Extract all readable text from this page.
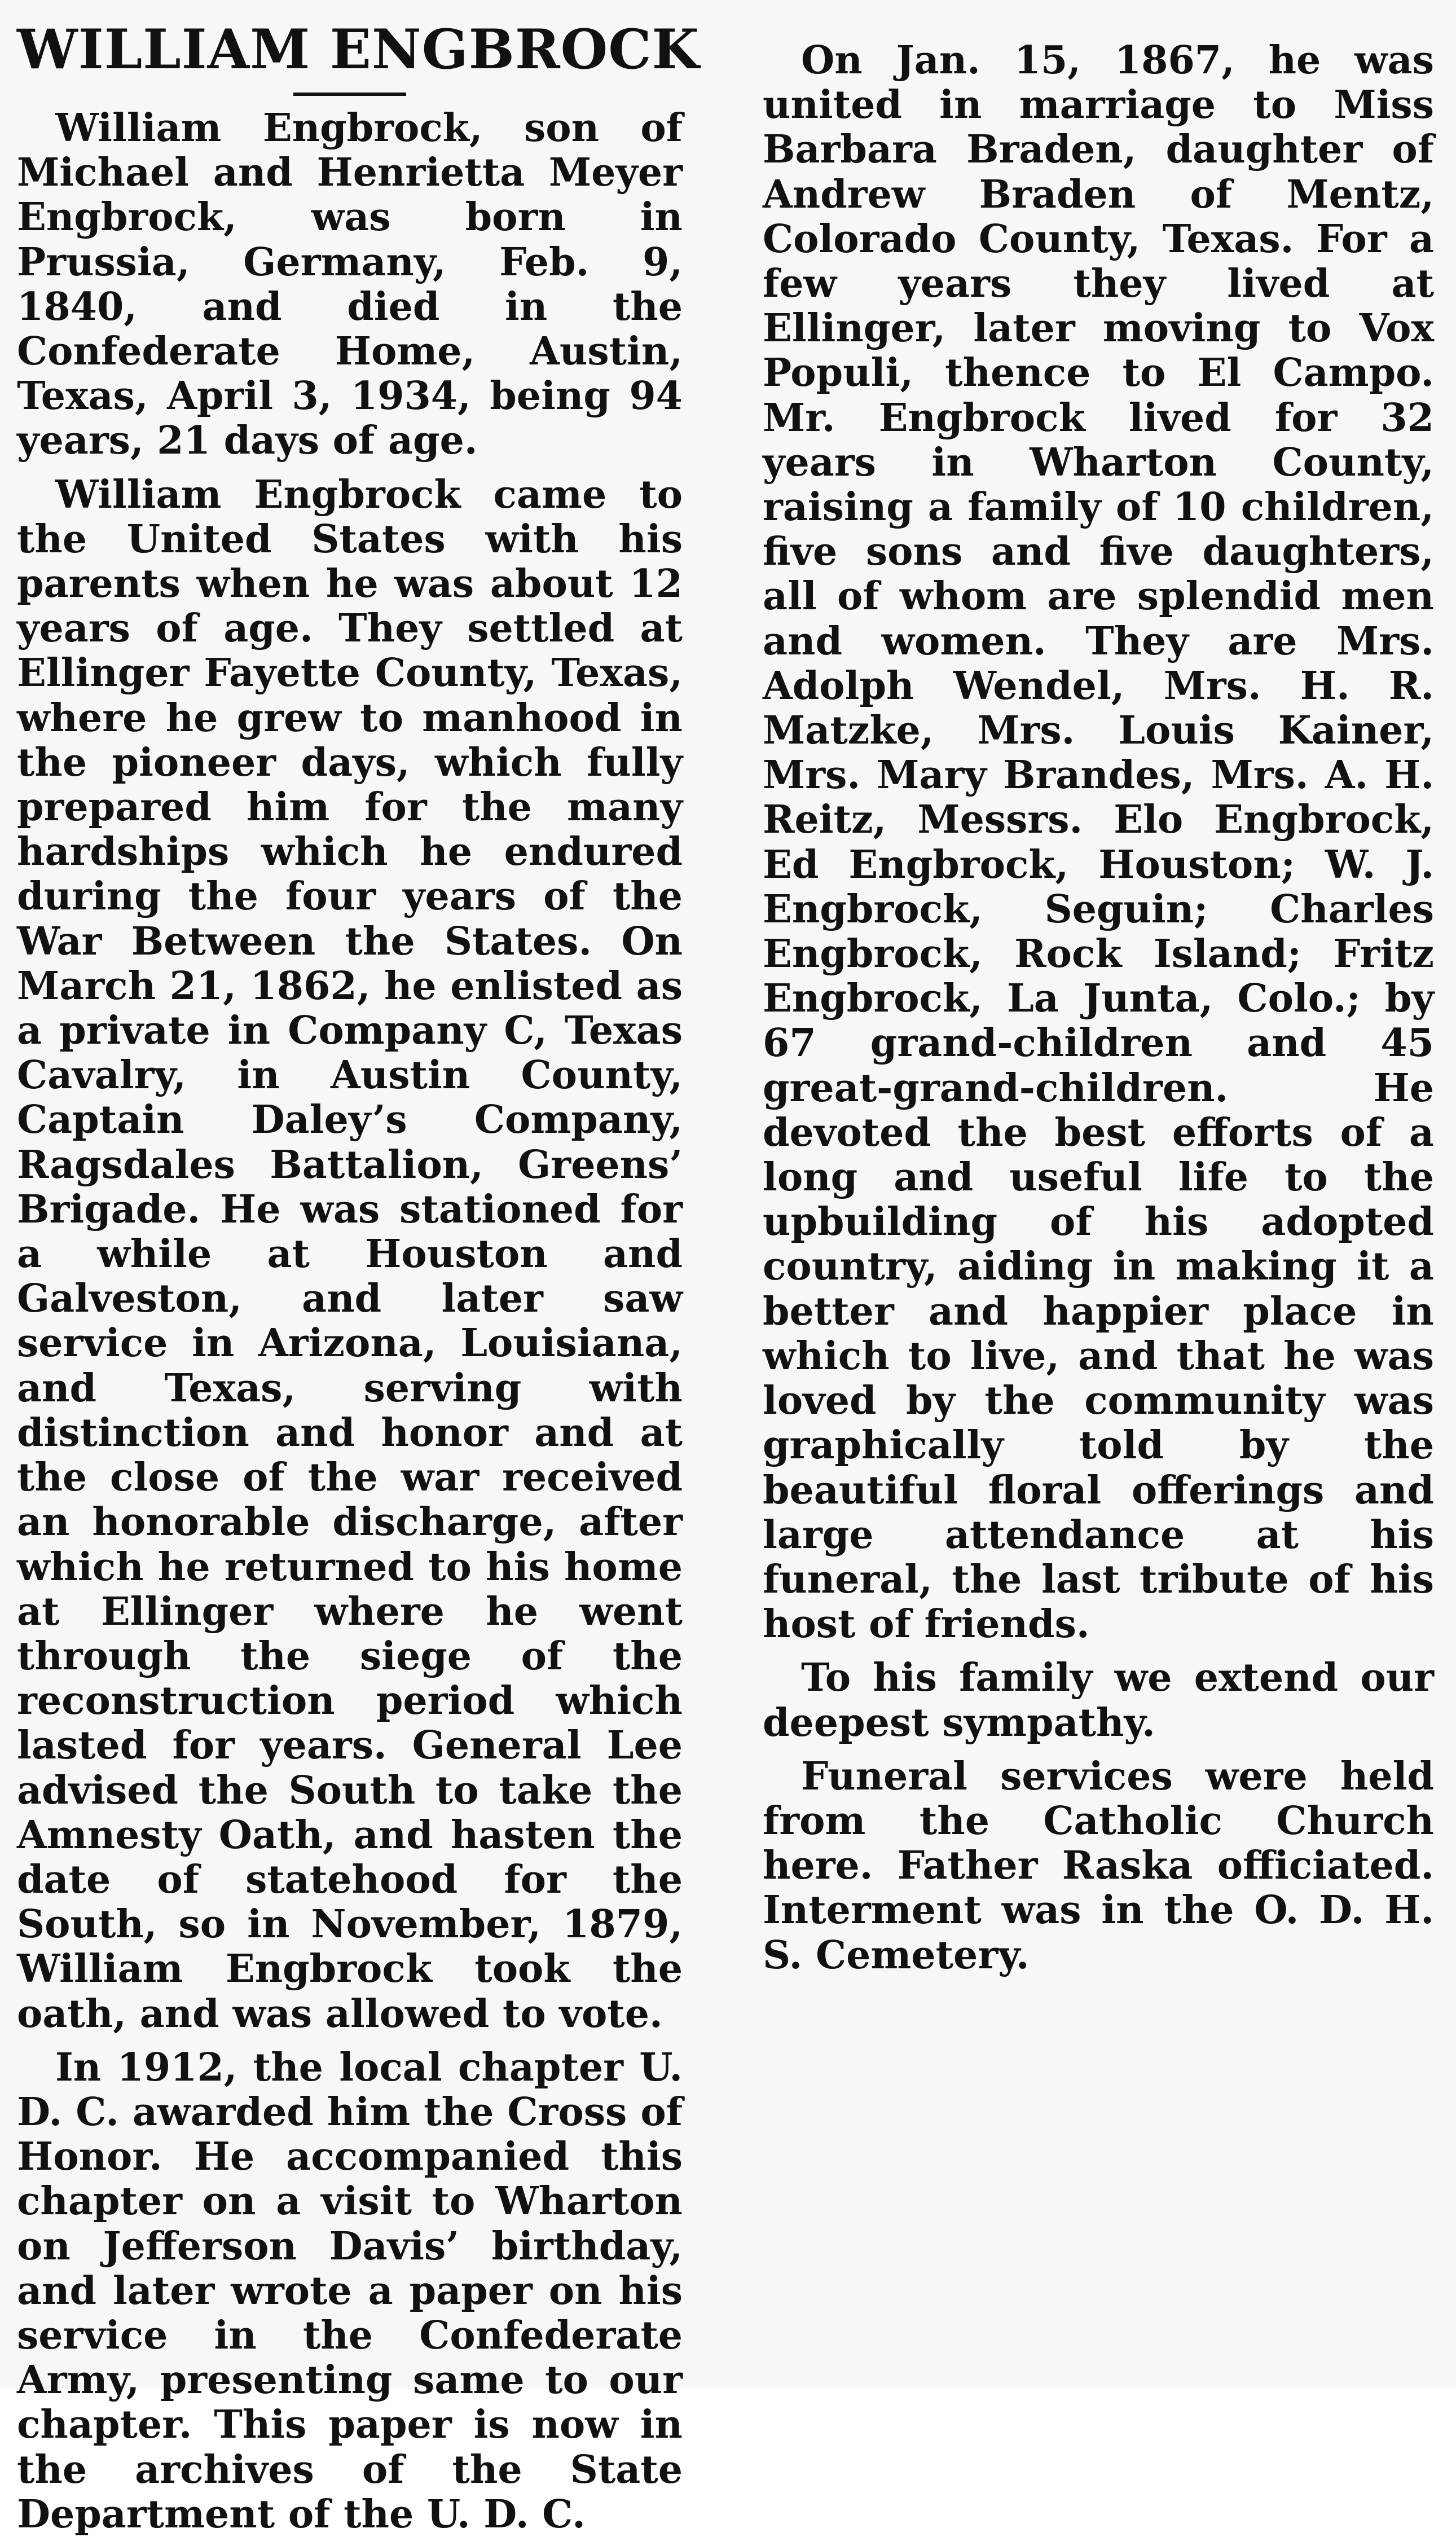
WILLIAM ENGBROCK

William Engbrock, son of Michael and Henrietta Meyer Engbrock, was born in Prussia, Germany, Feb. 9, 1840, and died in the Confederate Home, Austin, Texas, April 3, 1934, being 94 years, 21 days of age.

William Engbrock came to the United States with his parents when he was about 12 years of age. They settled at Ellinger Fayette County, Texas, where he grew to manhood in the pioneer days, which fully prepared him for the many hardships which he endured during the four years of the War Between the States. On March 21, 1862, he enlisted as a private in Company C, Texas Cavalry, in Austin County, Captain Daley’s Company, Ragsdales Battalion, Greens’ Brigade. He was stationed for a while at Houston and Galveston, and later saw service in Arizona, Louisiana, and Texas, serving with distinction and honor and at the close of the war received an honorable discharge, after which he returned to his home at Ellinger where he went through the siege of the reconstruction period which lasted for years. General Lee advised the South to take the Amnesty Oath, and hasten the date of statehood for the South, so in November, 1879, William Engbrock took the oath, and was allowed to vote.

In 1912, the local chapter U. D. C. awarded him the Cross of Honor. He accompanied this chapter on a visit to Wharton on Jefferson Davis’ birthday, and later wrote a paper on his service in the Confederate Army, presenting same to our chapter. This paper is now in the archives of the State Department of the U. D. C.

On Jan. 15, 1867, he was united in marriage to Miss Barbara Braden, daughter of Andrew Braden of Mentz, Colorado County, Texas. For a few years they lived at Ellinger, later moving to Vox Populi, thence to El Campo. Mr. Engbrock lived for 32 years in Wharton County, raising a family of 10 children, five sons and five daughters, all of whom are splendid men and women. They are Mrs. Adolph Wendel, Mrs. H. R. Matzke, Mrs. Louis Kainer, Mrs. Mary Brandes, Mrs. A. H. Reitz, Messrs. Elo Engbrock, Ed Engbrock, Houston; W. J. Engbrock, Seguin; Charles Engbrock, Rock Island; Fritz Engbrock, La Junta, Colo.; by 67 grand-children and 45 great-grand-children. He devoted the best efforts of a long and useful life to the upbuilding of his adopted country, aiding in making it a better and happier place in which to live, and that he was loved by the community was graphically told by the beautiful floral offerings and large attendance at his funeral, the last tribute of his host of friends.

To his family we extend our deepest sympathy.

Funeral services were held from the Catholic Church here. Father Raska officiated. Interment was in the O. D. H. S. Cemetery.
